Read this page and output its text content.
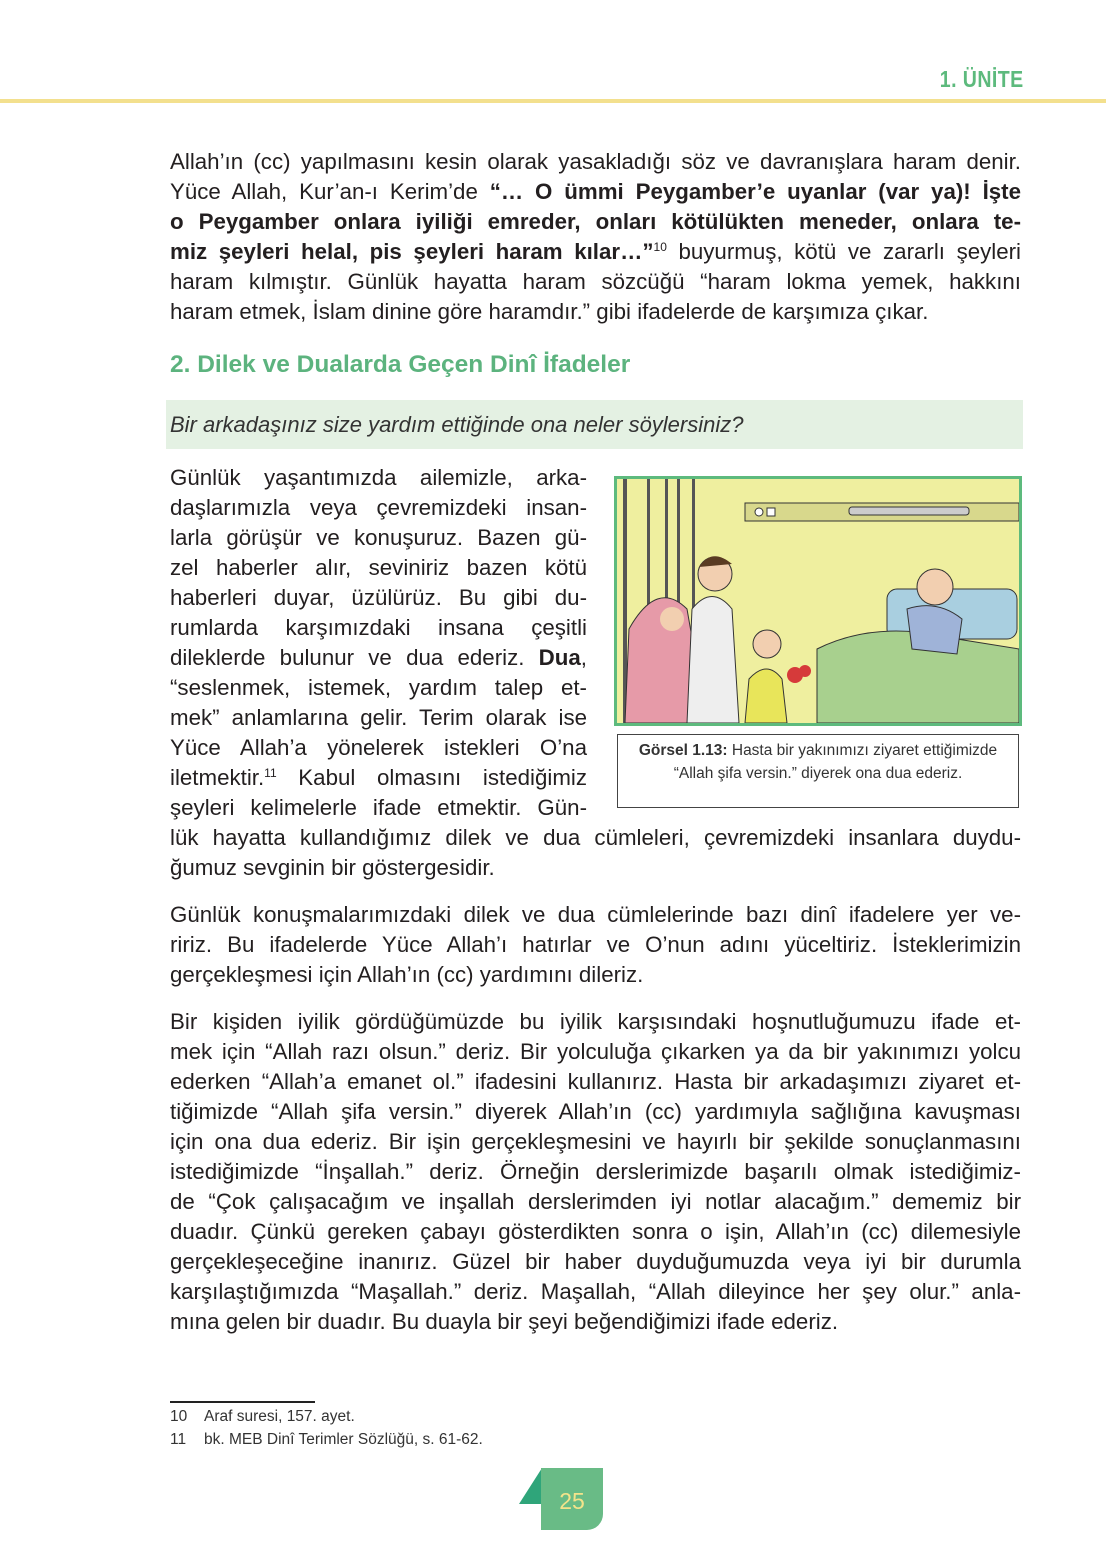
1. ÜNİTE
Allah’ın (cc) yapılmasını kesin olarak yasakladığı söz ve davranışlara haram denir.
Yüce Allah, Kur’an-ı Kerim’de “… O ümmi Peygamber’e uyanlar (var ya)! İşte
o Peygamber onlara iyiliği emreder, onları kötülükten meneder, onlara te-
miz şeyleri helal, pis şeyleri haram kılar…”$^{10}$ buyurmuş, kötü ve zararlı şeyleri
haram kılmıştır. Günlük hayatta haram sözcüğü “haram lokma yemek, hakkını
haram etmek, İslam dinine göre haramdır.” gibi ifadelerde de karşımıza çıkar.
2. Dilek ve Dualarda Geçen Dinî İfadeler
Bir arkadaşınız size yardım ettiğinde ona neler söylersiniz?
Günlük yaşantımızda ailemizle, arka-
daşlarımızla veya çevremizdeki insan-
larla görüşür ve konuşuruz. Bazen gü-
zel haberler alır, seviniriz bazen kötü
haberleri duyar, üzülürüz. Bu gibi du-
rumlarda karşımızdaki insana çeşitli
dileklerde bulunur ve dua ederiz. Dua,
“seslenmek, istemek, yardım talep et-
mek” anlamlarına gelir. Terim olarak ise
Yüce Allah’a yönelerek istekleri O’na
iletmektir.$^{11}$ Kabul olmasını istediğimiz
şeyleri kelimelerle ifade etmektir. Gün-
lük hayatta kullandığımız dilek ve dua cümleleri, çevremizdeki insanlara duydu-
ğumuz sevginin bir göstergesidir.
Görsel 1.13: Hasta bir yakınımızı ziyaret ettiğimizde “Allah şifa versin.” diyerek ona dua ederiz.
Günlük konuşmalarımızdaki dilek ve dua cümlelerinde bazı dinî ifadelere yer ve-
ririz. Bu ifadelerde Yüce Allah’ı hatırlar ve O’nun adını yüceltiriz. İsteklerimizin
gerçekleşmesi için Allah’ın (cc) yardımını dileriz.
Bir kişiden iyilik gördüğümüzde bu iyilik karşısındaki hoşnutluğumuzu ifade et-
mek için “Allah razı olsun.” deriz. Bir yolculuğa çıkarken ya da bir yakınımızı yolcu
ederken “Allah’a emanet ol.” ifadesini kullanırız. Hasta bir arkadaşımızı ziyaret et-
tiğimizde “Allah şifa versin.” diyerek Allah’ın (cc) yardımıyla sağlığına kavuşması
için ona dua ederiz. Bir işin gerçekleşmesini ve hayırlı bir şekilde sonuçlanmasını
istediğimizde “İnşallah.” deriz. Örneğin derslerimizde başarılı olmak istediğimiz-
de “Çok çalışacağım ve inşallah derslerimden iyi notlar alacağım.” dememiz bir
duadır. Çünkü gereken çabayı gösterdikten sonra o işin, Allah’ın (cc) dilemesiyle
gerçekleşeceğine inanırız. Güzel bir haber duyduğumuzda veya iyi bir durumla
karşılaştığımızda “Maşallah.” deriz. Maşallah, “Allah dileyince her şey olur.” anla-
mına gelen bir duadır. Bu duayla bir şeyi beğendiğimizi ifade ederiz.
10 Araf suresi, 157. ayet.
11 bk. MEB Dinî Terimler Sözlüğü, s. 61-62.
25
